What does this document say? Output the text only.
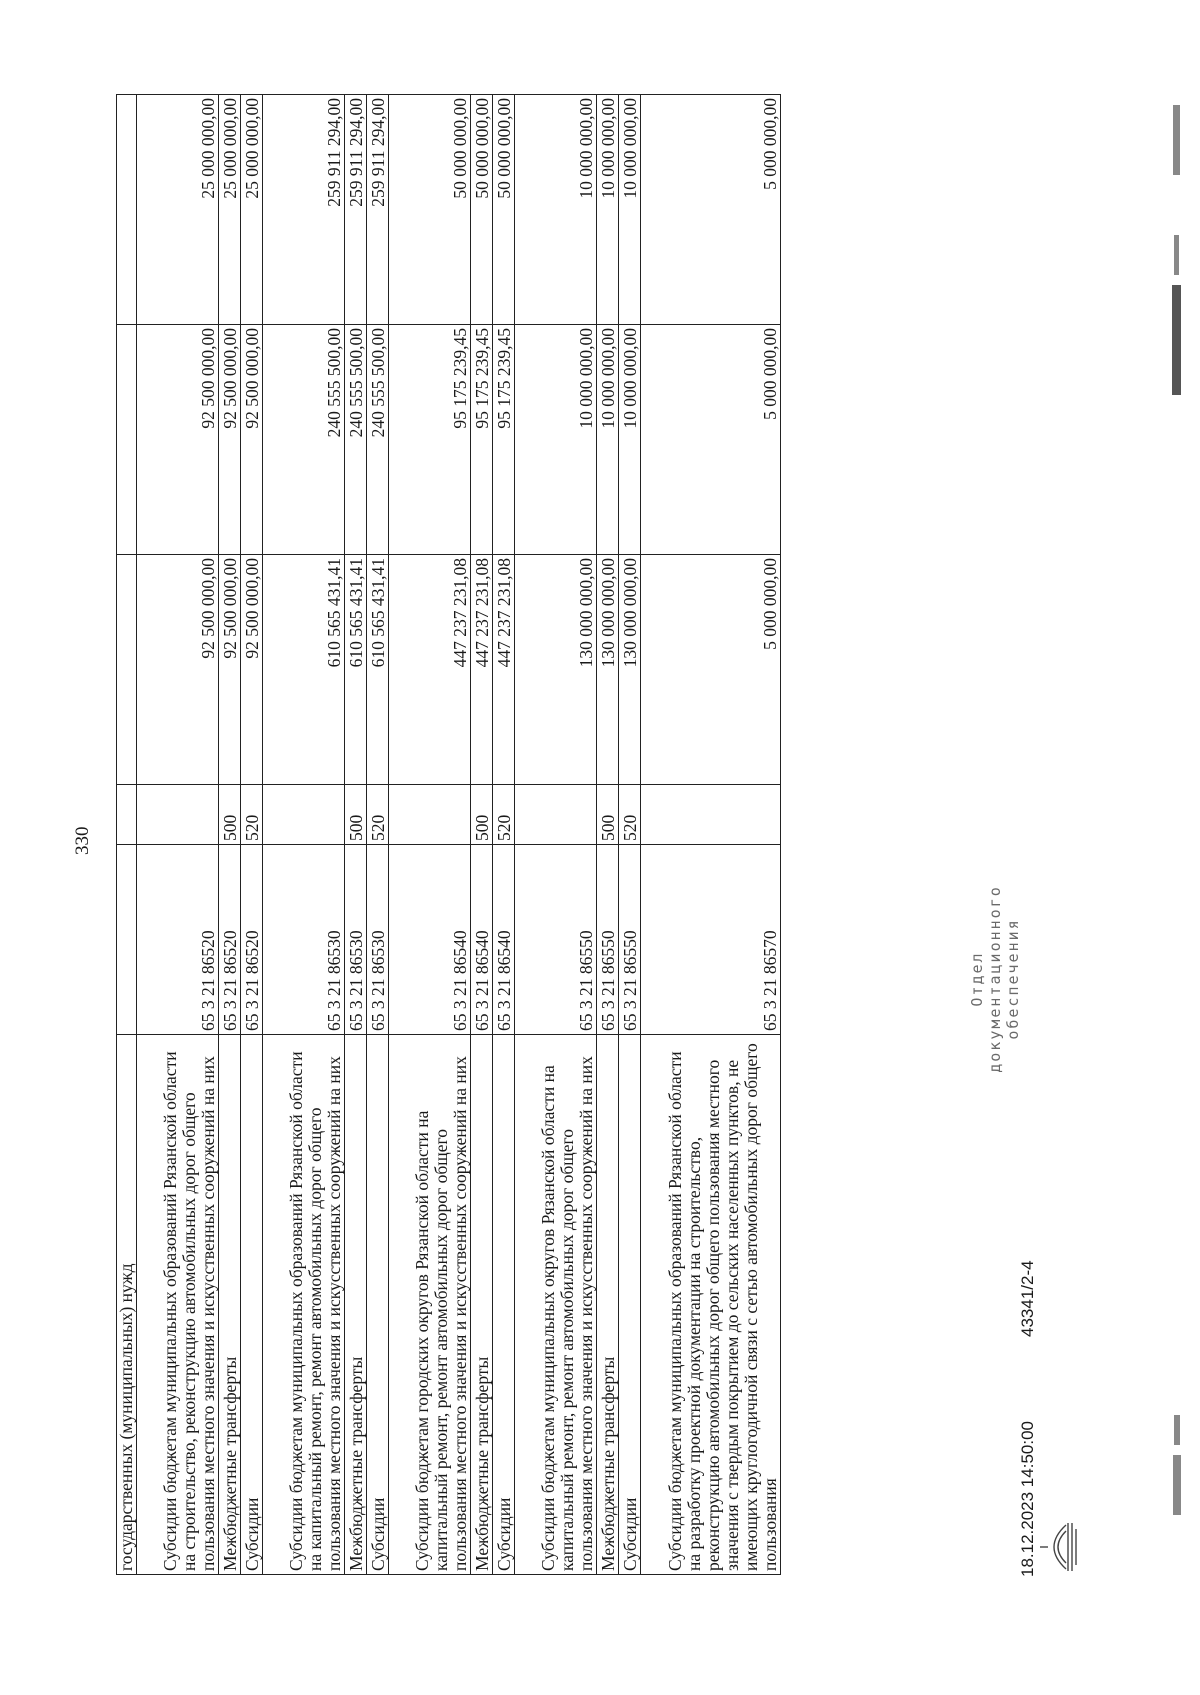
330
государственных (муниципальных) нужд					
Субсидии бюджетам муниципальных образований Рязанской области на строительство, реконструкцию автомобильных дорог общего пользования местного значения и искусственных сооружений на них	65 3 21 86520		92 500 000,00	92 500 000,00	25 000 000,00
Межбюджетные трансферты	65 3 21 86520	500	92 500 000,00	92 500 000,00	25 000 000,00
Субсидии	65 3 21 86520	520	92 500 000,00	92 500 000,00	25 000 000,00
Субсидии бюджетам муниципальных образований Рязанской области на капитальный ремонт, ремонт автомобильных дорог общего пользования местного значения и искусственных сооружений на них	65 3 21 86530		610 565 431,41	240 555 500,00	259 911 294,00
Межбюджетные трансферты	65 3 21 86530	500	610 565 431,41	240 555 500,00	259 911 294,00
Субсидии	65 3 21 86530	520	610 565 431,41	240 555 500,00	259 911 294,00
Субсидии бюджетам городских округов Рязанской области на капитальный ремонт, ремонт автомобильных дорог общего пользования местного значения и искусственных сооружений на них	65 3 21 86540		447 237 231,08	95 175 239,45	50 000 000,00
Межбюджетные трансферты	65 3 21 86540	500	447 237 231,08	95 175 239,45	50 000 000,00
Субсидии	65 3 21 86540	520	447 237 231,08	95 175 239,45	50 000 000,00
Субсидии бюджетам муниципальных округов Рязанской области на капитальный ремонт, ремонт автомобильных дорог общего пользования местного значения и искусственных сооружений на них	65 3 21 86550		130 000 000,00	10 000 000,00	10 000 000,00
Межбюджетные трансферты	65 3 21 86550	500	130 000 000,00	10 000 000,00	10 000 000,00
Субсидии	65 3 21 86550	520	130 000 000,00	10 000 000,00	10 000 000,00
Субсидии бюджетам муниципальных образований Рязанской области на разработку проектной документации на строительство, реконструкцию автомобильных дорог общего пользования местного значения с твердым покрытием до сельских населенных пунктов, не имеющих круглогодичной связи с сетью автомобильных дорог общего пользования	65 3 21 86570		5 000 000,00	5 000 000,00	5 000 000,00
18.12.2023 14:50:00
43341/2-4
Отдел документационного обеспечения
